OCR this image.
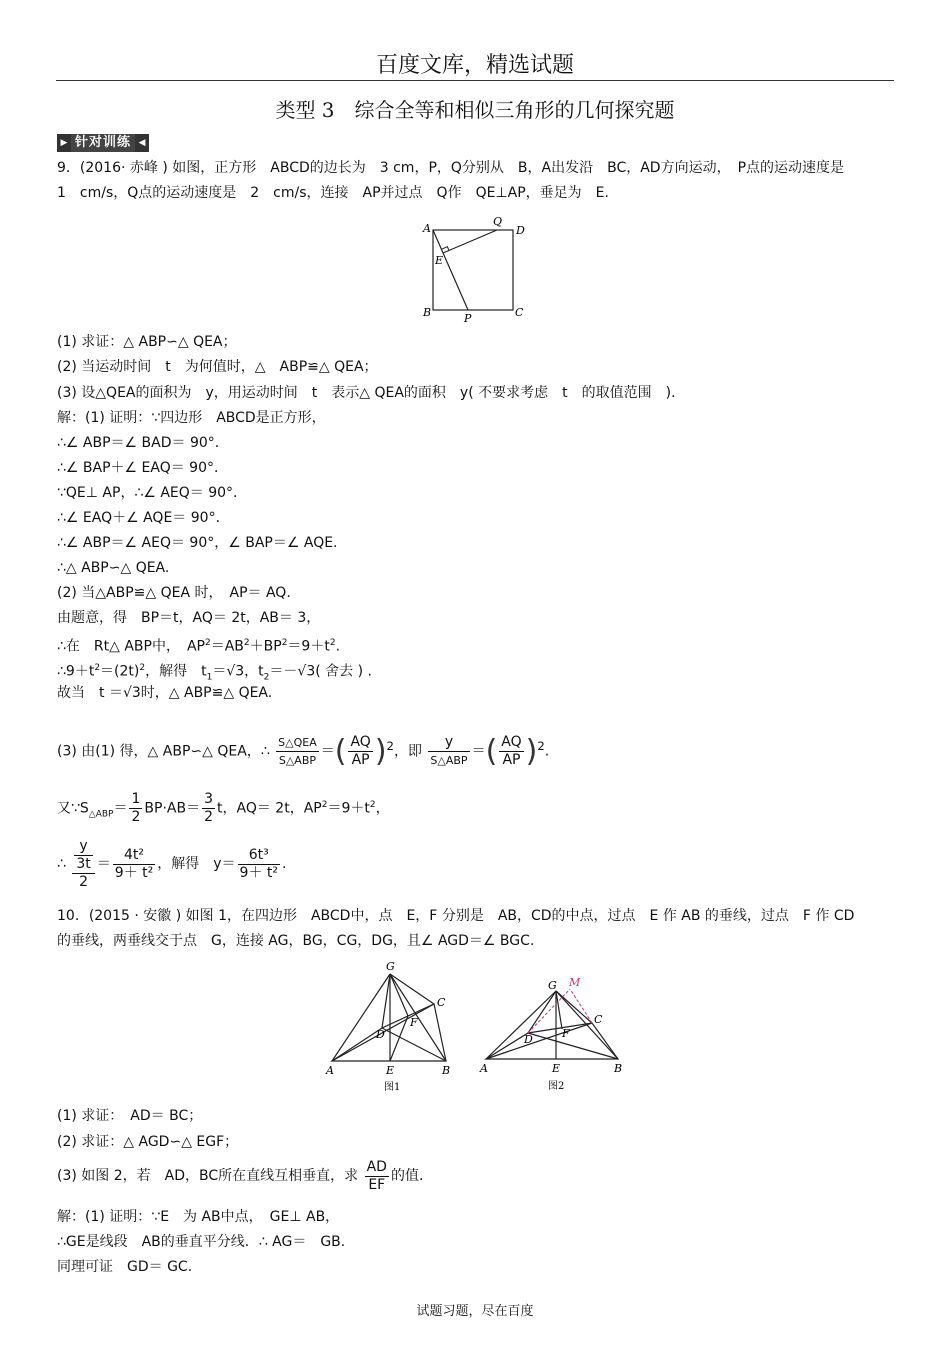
百度文库，精选试题
类型 3　综合全等和相似三角形的几何探究题
▶ 针对训练 ◀
9．(2016· 赤峰 ) 如图，正方形　ABCD的边长为　3 cm，P，Q分别从　B，A出发沿　BC，AD方向运动，　P点的运动速度是
1　cm/s，Q点的运动速度是　2　cm/s，连接　AP并过点　Q作　QE⊥AP，垂足为　E.
A
Q
D
E
B	P	C
(1) 求证：△ ABP∽△ QEA；
(2) 当运动时间　t　为何值时，△　ABP≌△ QEA；
(3) 设△QEA的面积为　y，用运动时间　t　表示△ QEA的面积　y( 不要求考虑　t　的取值范围　)．
解：(1) 证明：∵四边形　ABCD是正方形，
∴∠ ABP＝∠ BAD＝ 90°．
∴∠ BAP＋∠ EAQ＝ 90°．
∵QE⊥ AP，∴∠ AEQ＝ 90°．
∴∠ EAQ＋∠ AQE＝ 90°．
∴∠ ABP＝∠ AEQ＝ 90°，∠ BAP＝∠ AQE.
∴△ ABP∽△ QEA.
(2) 当△ABP≌△ QEA 时，　AP＝ AQ.
由题意，得　BP＝t，AQ＝ 2t，AB＝ 3，
∴在　Rt△ ABP中，　$AP^2=AB^2+BP^2=9+t^2$.
$\therefore 9+t^2=(2t)^2$，解得　$t_1=√3$，$t_2=-√3$( 舍去 ) .
故当　t ＝√3时，△ ABP≌△ QEA.
(3) 由(1) 得，△ ABP∽△ QEA，∴ $\frac{\text{S△QEA}}{\text{S△ABP}}$ ＝( $\frac{AQ}{AP} )^2$，即 $\frac{y}{\text{S△ABP}}$ ＝( $\frac{AQ}{AP} )^2$.
又$\because S_{\triangle ABP}= \frac{1}{2} BP\cdot AB= \frac{3}{2}$ t，AQ＝ 2t，$AP^2=9+t^2$，
∴ $\frac{\frac{y}{3t}}{2} = \frac{\text{4t²}}{\text{9＋ t²}}$ ，解得　$y= \frac{\text{6t³}}{\text{9＋ t²}}$ .
10．(2015 · 安徽 ) 如图 1，在四边形　ABCD中，点　E，F 分别是　AB，CD的中点，过点　E 作 AB 的垂线，过点　F 作 CD
的垂线，两垂线交于点　G，连接 AG，BG，CG，DG，且∠ AGD＝∠ BGC.
G
C
D
F
A	E	B
图1
G M
C
D	F
A	E	B
图2
(1) 求证：　AD＝ BC；
(2) 求证：△ AGD∽△ EGF；
(3) 如图 2，若　AD，BC所在直线互相垂直，求 $\frac{AD}{EF}$ 的值.
解：(1) 证明：∵E　为 AB中点，　GE⊥ AB，
∴GE是线段　AB的垂直平分线．∴ AG＝　GB.
同理可证　GD＝ GC.
试题习题，尽在百度
